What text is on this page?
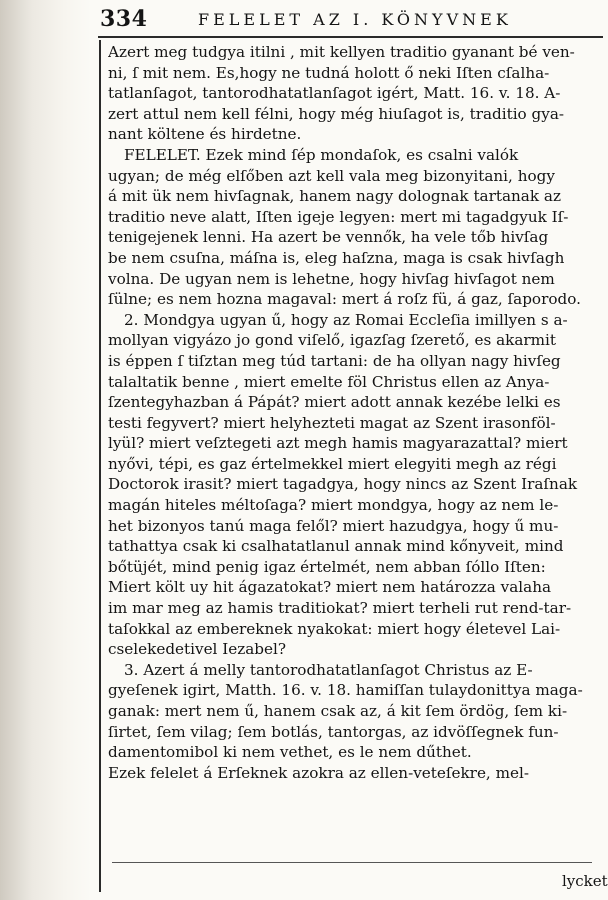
334	FELELET AZ I. KÖNYVNEK
Azert meg tudgya itilni , mit kellyen traditio gyanant bé ven-
ni, ſ mit nem. Es,hogy ne tudná holott ő neki Iſten cſalha-
tatlanſagot, tantorodhatatlanſagot igért, Matt. 16. v. 18. A-
zert attul nem kell félni, hogy még hiuſagot is, traditio gya-
nant költene és hirdetne.
FELELET. Ezek mind ſép mondaſok, es csalni valók
ugyan; de még elſőben azt kell vala meg bizonyitani, hogy
á mit ük nem hivſagnak, hanem nagy dolognak tartanak az
traditio neve alatt, Iſten igeje legyen: mert mi tagadgyuk Iſ-
tenigejenek lenni. Ha azert be vennők, ha vele tőb hivſag
be nem csuſna, máſna is, eleg haſzna, maga is csak hivſagh
volna. De ugyan nem is lehetne, hogy hivſag hivſagot nem
ſülne; es nem hozna magaval: mert á roſz fü, á gaz, ſaporodo.
2. Mondgya ugyan ű, hogy az Romai Eccleſia imillyen s a-
mollyan vigyázo jo gond viſelő, igazſag ſzerető, es akarmit
is éppen ſ tiſztan meg túd tartani: de ha ollyan nagy hivſeg
talaltatik benne , miert emelte föl Christus ellen az Anya-
ſzentegyhazban á Pápát? miert adott annak kezébe lelki es
testi fegyvert? miert helyhezteti magat az Szent irasonföl-
lyül? miert veſztegeti azt megh hamis magyarazattal? miert
nyővi, tépi, es gaz értelmekkel miert elegyiti megh az régi
Doctorok irasit? miert tagadgya, hogy nincs az Szent Iraſnak
magán hiteles méltoſaga? miert mondgya, hogy az nem le-
het bizonyos tanú maga felől? miert hazudgya, hogy ű mu-
tathattya csak ki csalhatatlanul annak mind kőnyveit, mind
bőtüjét, mind penig igaz értelmét, nem abban ſóllo Iſten:
Miert költ uy hit ágazatokat? miert nem határozza valaha
im mar meg az hamis traditiokat? miert terheli rut rend-tar-
taſokkal az embereknek nyakokat: miert hogy életevel Lai-
cselekedetivel Iezabel?
3. Azert á melly tantorodhatatlanſagot Christus az E-
gyeſenek igirt, Matth. 16. v. 18. hamiſſan tulaydonittya maga-
ganak: mert nem ű, hanem csak az, á kit ſem ördög, ſem ki-
ſirtet, ſem vilag; ſem botlás, tantorgas, az idvöſſegnek fun-
damentomibol ki nem vethet, es le nem dűthet.
Ezek felelet á Erſeknek azokra az ellen-veteſekre, mel-
lycket
